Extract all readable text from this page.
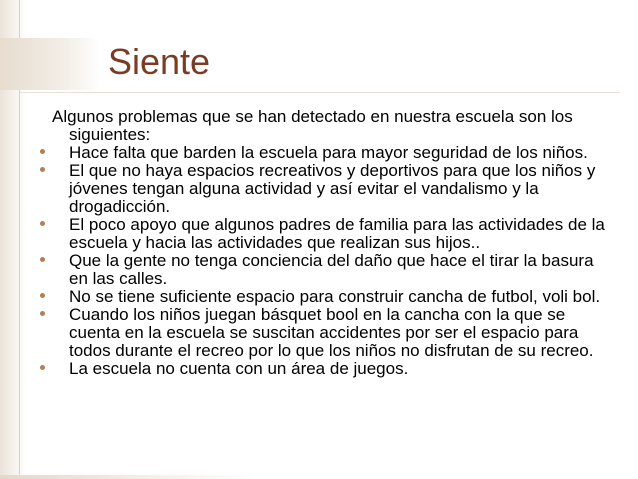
Siente

Algunos problemas que se han detectado en nuestra escuela son los siguientes:

Hace falta que barden la escuela para mayor seguridad de los niños.
El que no haya espacios recreativos y deportivos para que los niños y jóvenes tengan alguna actividad y así evitar el vandalismo y la drogadicción.
El poco apoyo que algunos padres de familia para las actividades de la escuela y hacia las actividades que realizan sus hijos..
Que la gente no tenga conciencia del daño que hace el tirar la basura en las calles.
No se tiene suficiente espacio para construir cancha de futbol, voli bol.
Cuando los niños juegan básquet bool en la cancha con la que se cuenta en la escuela se suscitan accidentes por ser el espacio para todos durante el recreo por lo que los niños no disfrutan de su recreo.
La escuela no cuenta con un área de juegos.
